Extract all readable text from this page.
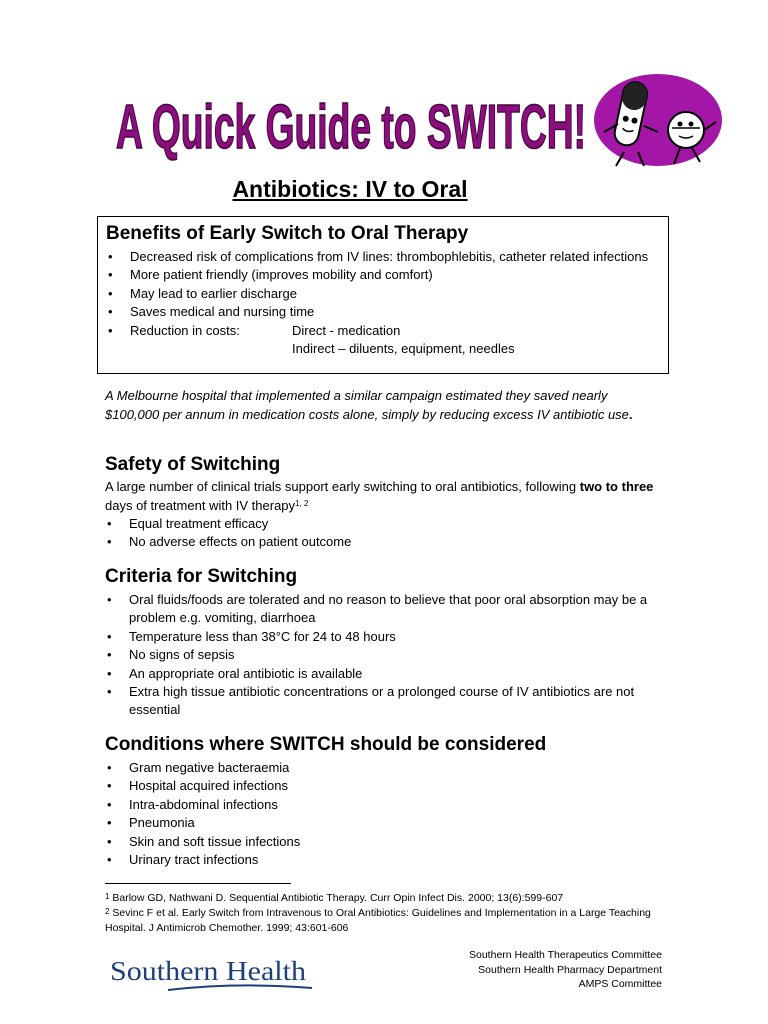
A Quick Guide to SWITCH!
Antibiotics: IV to Oral
Benefits of Early Switch to Oral Therapy
• Decreased risk of complications from IV lines: thrombophlebitis, catheter related infections
• More patient friendly (improves mobility and comfort)
• May lead to earlier discharge
• Saves medical and nursing time
• Reduction in costs:	Direct - medication
Indirect – diluents, equipment, needles

A Melbourne hospital that implemented a similar campaign estimated they saved nearly $100,000 per annum in medication costs alone, simply by reducing excess IV antibiotic use.

Safety of Switching

A large number of clinical trials support early switching to oral antibiotics, following two to three days of treatment with IV therapy$^{1, 2}$

• Equal treatment efficacy
• No adverse effects on patient outcome
Criteria for Switching
• Oral fluids/foods are tolerated and no reason to believe that poor oral absorption may be a problem e.g. vomiting, diarrhoea
• Temperature less than 38°C for 24 to 48 hours
• No signs of sepsis
• An appropriate oral antibiotic is available
• Extra high tissue antibiotic concentrations or a prolonged course of IV antibiotics are not essential
Conditions where SWITCH should be considered
• Gram negative bacteraemia
• Hospital acquired infections
• Intra-abdominal infections
• Pneumonia
• Skin and soft tissue infections
• Urinary tract infections
$^1$ Barlow GD, Nathwani D. Sequential Antibiotic Therapy. Curr Opin Infect Dis. 2000; 13(6):599-607
$^2$ Sevinc F et al. Early Switch from Intravenous to Oral Antibiotics: Guidelines and Implementation in a Large Teaching Hospital. J Antimicrob Chemother. 1999; 43:601-606
Southern Health
Southern Health Therapeutics Committee
Southern Health Pharmacy Department
AMPS Committee
